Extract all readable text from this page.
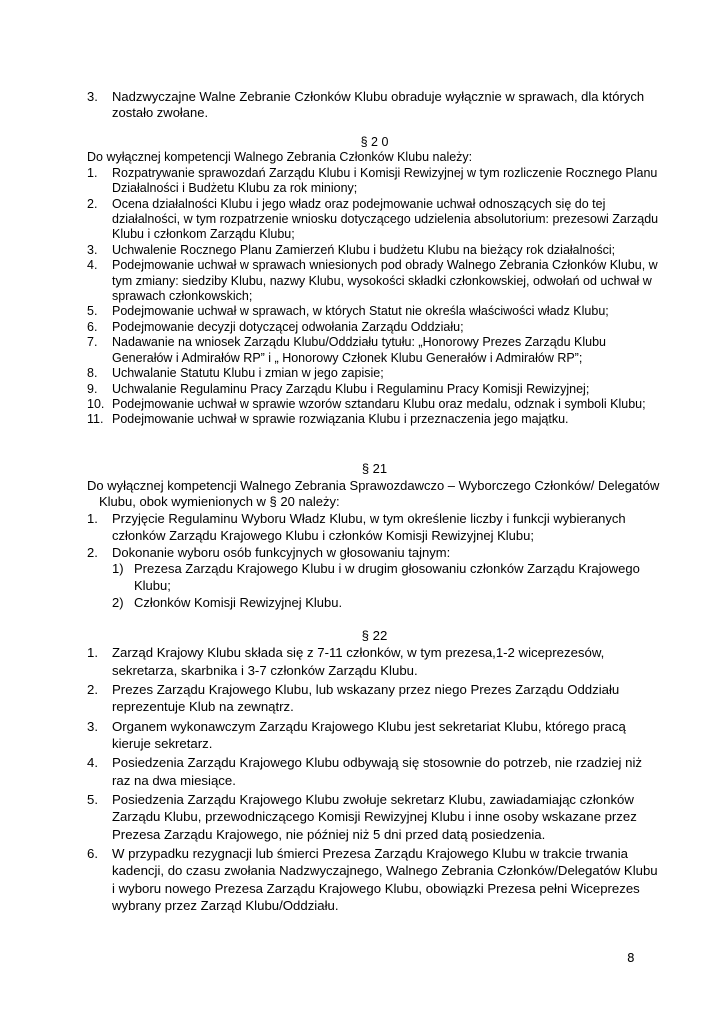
3. Nadzwyczajne Walne Zebranie Członków Klubu obraduje wyłącznie w sprawach, dla których zostało zwołane.
§ 2 0
Do wyłącznej kompetencji Walnego Zebrania Członków Klubu należy:
1. Rozpatrywanie sprawozdań Zarządu Klubu i Komisji Rewizyjnej w tym rozliczenie Rocznego Planu Działalności i Budżetu Klubu za rok miniony;
2. Ocena działalności Klubu i jego władz oraz podejmowanie uchwał odnoszących się do tej działalności, w tym rozpatrzenie wniosku dotyczącego udzielenia absolutorium: prezesowi Zarządu Klubu i członkom Zarządu Klubu;
3. Uchwalenie Rocznego Planu Zamierzeń Klubu i budżetu Klubu na bieżący rok działalności;
4. Podejmowanie uchwał w sprawach wniesionych pod obrady Walnego Zebrania Członków Klubu, w tym zmiany: siedziby Klubu, nazwy Klubu, wysokości składki członkowskiej, odwołań od uchwał w sprawach członkowskich;
5. Podejmowanie uchwał w sprawach, w których Statut nie określa właściwości władz Klubu;
6. Podejmowanie decyzji dotyczącej odwołania Zarządu Oddziału;
7. Nadawanie na wniosek Zarządu Klubu/Oddziału tytułu: „Honorowy Prezes Zarządu Klubu Generałów i Admirałów RP” i „ Honorowy Członek Klubu Generałów i Admirałów RP”;
8. Uchwalanie Statutu Klubu i zmian w jego zapisie;
9. Uchwalanie Regulaminu Pracy Zarządu Klubu i Regulaminu Pracy Komisji Rewizyjnej;
10. Podejmowanie uchwał w sprawie wzorów sztandaru Klubu oraz medalu, odznak i symboli Klubu;
11. Podejmowanie uchwał w sprawie rozwiązania Klubu i przeznaczenia jego majątku.
§ 21
Do wyłącznej kompetencji Walnego Zebrania Sprawozdawczo – Wyborczego Członków/ Delegatów Klubu, obok wymienionych w § 20 należy:
1. Przyjęcie Regulaminu Wyboru Władz Klubu, w tym określenie liczby i funkcji wybieranych członków Zarządu Krajowego Klubu i członków Komisji Rewizyjnej Klubu;
2. Dokonanie wyboru osób funkcyjnych w głosowaniu tajnym:
1) Prezesa Zarządu Krajowego Klubu i w drugim głosowaniu członków Zarządu Krajowego Klubu;
2) Członków Komisji Rewizyjnej Klubu.
§ 22
1. Zarząd Krajowy Klubu składa się z 7-11 członków, w tym prezesa,1-2 wiceprezesów, sekretarza, skarbnika i 3-7 członków Zarządu Klubu.
2. Prezes Zarządu Krajowego Klubu, lub wskazany przez niego Prezes Zarządu Oddziału reprezentuje Klub na zewnątrz.
3. Organem wykonawczym Zarządu Krajowego Klubu jest sekretariat Klubu, którego pracą kieruje sekretarz.
4. Posiedzenia Zarządu Krajowego Klubu odbywają się stosownie do potrzeb, nie rzadziej niż raz na dwa miesiące.
5. Posiedzenia Zarządu Krajowego Klubu zwołuje sekretarz Klubu, zawiadamiając członków Zarządu Klubu, przewodniczącego Komisji Rewizyjnej Klubu i inne osoby wskazane przez Prezesa Zarządu Krajowego, nie później niż 5 dni przed datą posiedzenia.
6. W przypadku rezygnacji lub śmierci Prezesa Zarządu Krajowego Klubu w trakcie trwania kadencji, do czasu zwołania Nadzwyczajnego, Walnego Zebrania Członków/Delegatów Klubu i wyboru nowego Prezesa Zarządu Krajowego Klubu, obowiązki Prezesa pełni Wiceprezes wybrany przez Zarząd Klubu/Oddziału.
8
